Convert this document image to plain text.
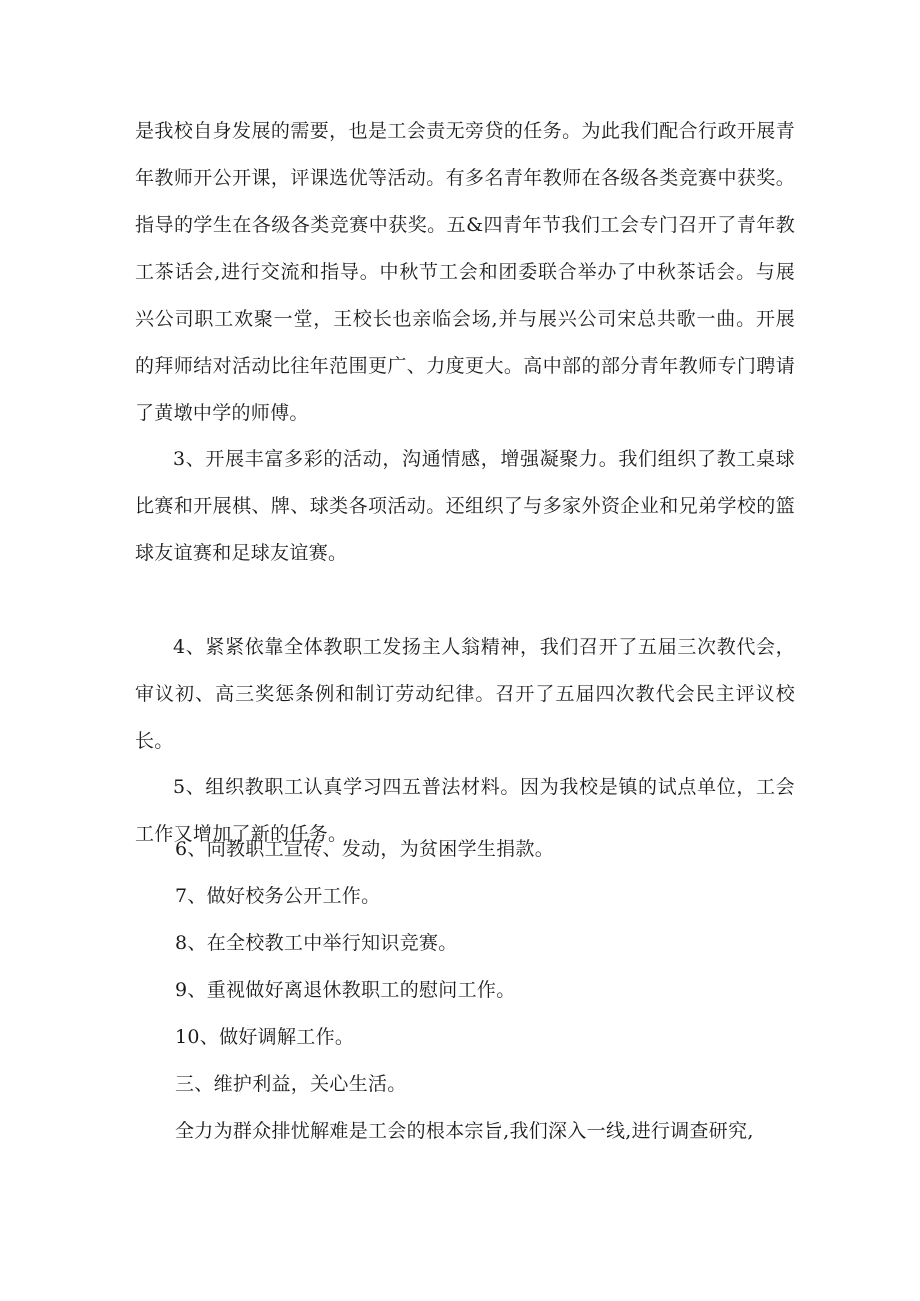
是我校自身发展的需要，也是工会责无旁贷的任务。为此我们配合行政开展青年教师开公开课，评课选优等活动。有多名青年教师在各级各类竞赛中获奖。指导的学生在各级各类竞赛中获奖。五&四青年节我们工会专门召开了青年教工茶话会,进行交流和指导。中秋节工会和团委联合举办了中秋茶话会。与展兴公司职工欢聚一堂，王校长也亲临会场,并与展兴公司宋总共歌一曲。开展的拜师结对活动比往年范围更广、力度更大。高中部的部分青年教师专门聘请了黄墩中学的师傅。

3、开展丰富多彩的活动，沟通情感，增强凝聚力。我们组织了教工桌球比赛和开展棋、牌、球类各项活动。还组织了与多家外资企业和兄弟学校的篮球友谊赛和足球友谊赛。

4、紧紧依靠全体教职工发扬主人翁精神，我们召开了五届三次教代会，审议初、高三奖惩条例和制订劳动纪律。召开了五届四次教代会民主评议校长。

5、组织教职工认真学习四五普法材料。因为我校是镇的试点单位，工会工作又增加了新的任务。

6、向教职工宣传、发动，为贫困学生捐款。
7、做好校务公开工作。
8、在全校教工中举行知识竞赛。
9、重视做好离退休教职工的慰问工作。
10、做好调解工作。
三、维护利益，关心生活。
全力为群众排忧解难是工会的根本宗旨,我们深入一线,进行调查研究,
